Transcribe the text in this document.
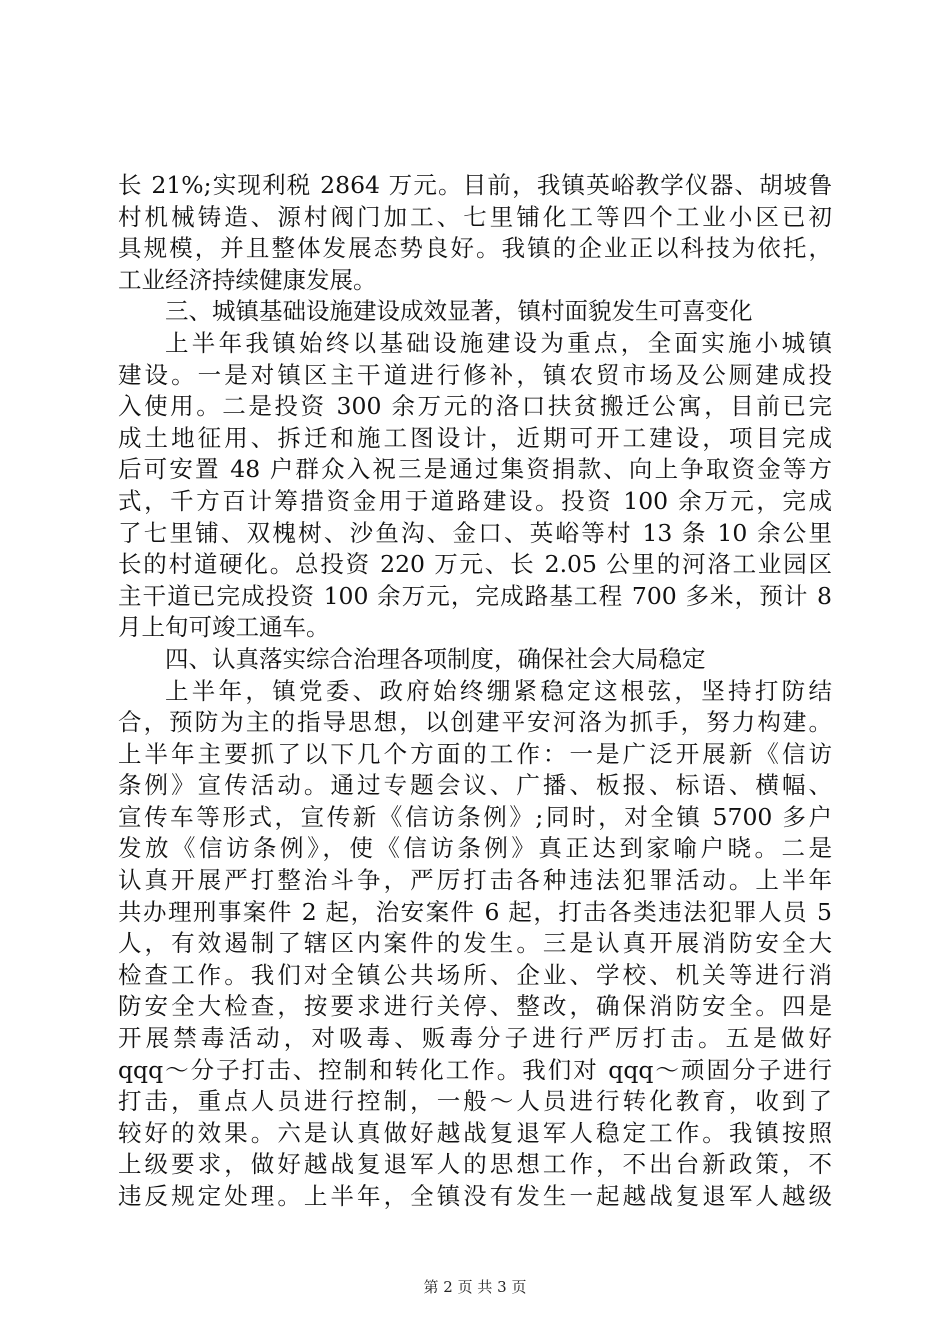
长 21%;实现利税 2864 万元。目前，我镇英峪教学仪器、胡坡鲁
村机械铸造、源村阀门加工、七里铺化工等四个工业小区已初
具规模，并且整体发展态势良好。我镇的企业正以科技为依托，
工业经济持续健康发展。
三、城镇基础设施建设成效显著，镇村面貌发生可喜变化
上半年我镇始终以基础设施建设为重点，全面实施小城镇
建设。一是对镇区主干道进行修补，镇农贸市场及公厕建成投
入使用。二是投资 300 余万元的洛口扶贫搬迁公寓，目前已完
成土地征用、拆迁和施工图设计，近期可开工建设，项目完成
后可安置 48 户群众入祝三是通过集资捐款、向上争取资金等方
式，千方百计筹措资金用于道路建设。投资 100 余万元，完成
了七里铺、双槐树、沙鱼沟、金口、英峪等村 13 条 10 余公里
长的村道硬化。总投资 220 万元、长 2.05 公里的河洛工业园区
主干道已完成投资 100 余万元，完成路基工程 700 多米，预计 8
月上旬可竣工通车。
四、认真落实综合治理各项制度，确保社会大局稳定
上半年，镇党委、政府始终绷紧稳定这根弦，坚持打防结
合，预防为主的指导思想，以创建平安河洛为抓手，努力构建。
上半年主要抓了以下几个方面的工作：一是广泛开展新《信访
条例》宣传活动。通过专题会议、广播、板报、标语、横幅、
宣传车等形式，宣传新《信访条例》;同时，对全镇 5700 多户
发放《信访条例》，使《信访条例》真正达到家喻户晓。二是
认真开展严打整治斗争，严厉打击各种违法犯罪活动。上半年
共办理刑事案件 2 起，治安案件 6 起，打击各类违法犯罪人员 5
人，有效遏制了辖区内案件的发生。三是认真开展消防安全大
检查工作。我们对全镇公共场所、企业、学校、机关等进行消
防安全大检查，按要求进行关停、整改，确保消防安全。四是
开展禁毒活动，对吸毒、贩毒分子进行严厉打击。五是做好
qqq～分子打击、控制和转化工作。我们对 qqq～顽固分子进行
打击，重点人员进行控制，一般～人员进行转化教育，收到了
较好的效果。六是认真做好越战复退军人稳定工作。我镇按照
上级要求，做好越战复退军人的思想工作，不出台新政策，不
违反规定处理。上半年，全镇没有发生一起越战复退军人越级
第 2 页 共 3 页
